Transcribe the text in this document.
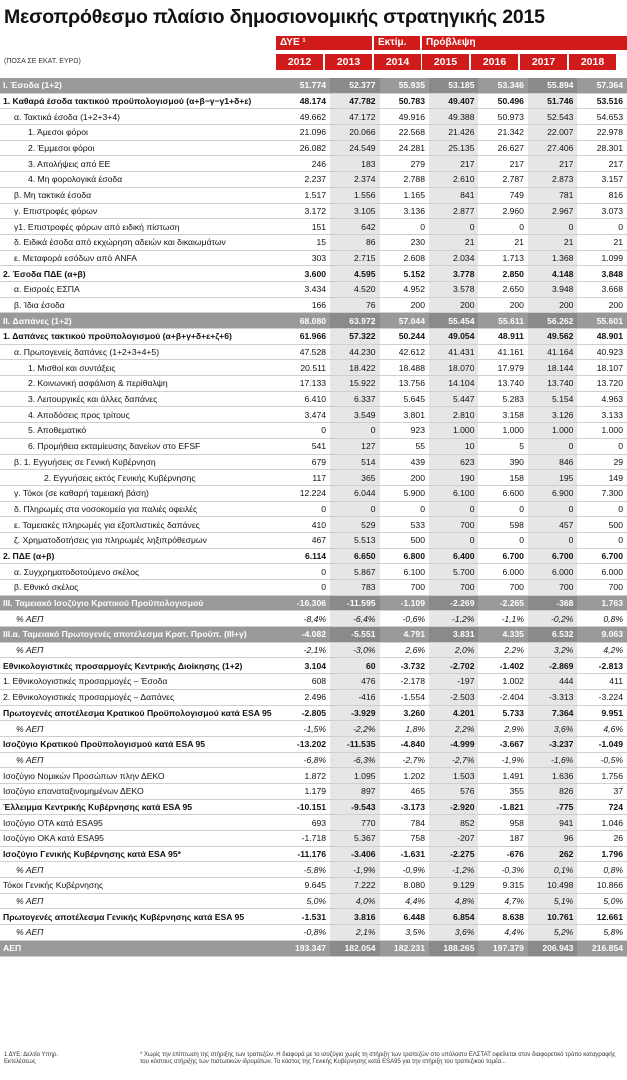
Μεσοπρόθεσμο πλαίσιο δημοσιονομικής στρατηγικής 2015
ΔΥΕ ¹	Εκτίμ.	Πρόβλεψη
(ΠΟΣΑ ΣΕ ΕΚΑΤ. ΕΥΡΩ)	2012	2013	2014	2015	2016	2017	2018
I. Έσοδα (1+2)	51.774	52.377	55.935	53.185	53.346	55.894	57.364
1. Καθαρά έσοδα τακτικού προϋπολογισμού (α+β−γ−γ1+δ+ε)	48.174	47.782	50.783	49.407	50.496	51.746	53.516
α. Τακτικά έσοδα (1+2+3+4)	49.662	47.172	49.916	49.388	50.973	52.543	54.653
1. Άμεσοι φόροι	21.096	20.066	22.568	21.426	21.342	22.007	22.978
2. Έμμεσοι φόροι	26.082	24.549	24.281	25.135	26.627	27.406	28.301
3. Απολήψεις από ΕΕ	246	183	279	217	217	217	217
4. Μη φορολογικά έσοδα	2.237	2.374	2.788	2.610	2.787	2.873	3.157
β. Μη τακτικά έσοδα	1.517	1.556	1.165	841	749	781	816
γ. Επιστροφές φόρων	3.172	3.105	3.136	2.877	2.960	2.967	3.073
γ1. Επιστροφές φόρων από ειδική πίστωση	151	642	0	0	0	0	0
δ. Ειδικά έσοδα από εκχώρηση αδειών και δικαιωμάτων	15	86	230	21	21	21	21
ε. Μεταφορά εσόδων από ANFA	303	2.715	2.608	2.034	1.713	1.368	1.099
2. Έσοδα ΠΔΕ (α+β)	3.600	4.595	5.152	3.778	2.850	4.148	3.848
α. Εισροές ΕΣΠΑ	3.434	4.520	4.952	3.578	2.650	3.948	3.668
β. Ίδια έσοδα	166	76	200	200	200	200	200
II. Δαπάνες (1+2)	68.080	63.972	57.044	55.454	55.611	56.262	55.601
1. Δαπάνες τακτικού προϋπολογισμού (α+β+γ+δ+ε+ζ+6)	61.966	57.322	50.244	49.054	48.911	49.562	48.901
α. Πρωτογενείς δαπάνες (1+2+3+4+5)	47.528	44.230	42.612	41.431	41.161	41.164	40.923
1. Μισθοί και συντάξεις	20.511	18.422	18.488	18.070	17.979	18.144	18.107
2. Κοινωνική ασφάλιση & περίθαλψη	17.133	15.922	13.756	14.104	13.740	13.740	13.720
3. Λειτουργικές και άλλες δαπάνες	6.410	6.337	5.645	5.447	5.283	5.154	4.963
4. Αποδόσεις προς τρίτους	3.474	3.549	3.801	2.810	3.158	3.126	3.133
5. Αποθεματικό	0	0	923	1.000	1.000	1.000	1.000
6. Προμήθεια εκταμίευσης δανείων στο EFSF	541	127	55	10	5	0	0
β. 1. Εγγυήσεις σε Γενική Κυβέρνηση	679	514	439	623	390	846	29
2. Εγγυήσεις εκτός Γενικής Κυβέρνησης	117	365	200	190	158	195	149
γ. Τόκοι (σε καθαρή ταμειακή βάση)	12.224	6.044	5.900	6.100	6.600	6.900	7.300
δ. Πληρωμές στα νοσοκομεία για παλιές οφειλές	0	0	0	0	0	0	0
ε. Ταμειακές πληρωμές για εξοπλιστικές δαπάνες	410	529	533	700	598	457	500
ζ. Χρηματοδοτήσεις για πληρωμές ληξιπρόθεσμων	467	5.513	500	0	0	0	0
2. ΠΔΕ (α+β)	6.114	6.650	6.800	6.400	6.700	6.700	6.700
α. Συγχρηματοδοτούμενο σκέλος	0	5.867	6.100	5.700	6.000	6.000	6.000
β. Εθνικό σκέλος	0	783	700	700	700	700	700
III. Ταμειακό Ισοζύγιο Κρατικού Προϋπολογισμού	-16.306	-11.595	-1.109	-2.269	-2.265	-368	1.763
% ΑΕΠ	-8,4%	-6,4%	-0,6%	-1,2%	-1,1%	-0,2%	0,8%
III.α. Ταμειακό Πρωτογενές αποτέλεσμα Κρατ. Προϋπ. (III+γ)	-4.082	-5.551	4.791	3.831	4.335	6.532	9.063
% ΑΕΠ	-2,1%	-3,0%	2,6%	2,0%	2,2%	3,2%	4,2%
Εθνικολογιστικές προσαρμογές Κεντρικής Διοίκησης (1+2)	3.104	60	-3.732	-2.702	-1.402	-2.869	-2.813
1. Εθνικολογιστικές προσαρμογές – Έσοδα	608	476	-2.178	-197	1.002	444	411
2. Εθνικολογιστικές προσαρμογές – Δαπάνες	2.496	-416	-1.554	-2.503	-2.404	-3.313	-3.224
Πρωτογενές αποτέλεσμα Κρατικού Προϋπολογισμού κατά ESA 95	-2.805	-3.929	3.260	4.201	5.733	7.364	9.951
% ΑΕΠ	-1,5%	-2,2%	1,8%	2,2%	2,9%	3,6%	4,6%
Ισοζύγιο Κρατικού Προϋπολογισμού κατά ESA 95	-13.202	-11.535	-4.840	-4.999	-3.667	-3.237	-1.049
% ΑΕΠ	-6,8%	-6,3%	-2,7%	-2,7%	-1,9%	-1,6%	-0,5%
Ισοζύγιο Νομικών Προσώπων πλην ΔΕΚΟ	1.872	1.095	1.202	1.503	1.491	1.636	1.756
Ισοζύγιο επαναταξινομημένων ΔΕΚΟ	1.179	897	465	576	355	826	37
Έλλειμμα Κεντρικής Κυβέρνησης κατά ESA 95	-10.151	-9.543	-3.173	-2.920	-1.821	-775	724
Ισοζύγιο ΟΤΑ κατά ESA95	693	770	784	852	958	941	1.046
Ισοζύγιο ΟΚΑ κατά ESA95	-1.718	5.367	758	-207	187	96	26
Ισοζύγιο Γενικής Κυβέρνησης κατά ESA 95*	-11.176	-3.406	-1.631	-2.275	-676	262	1.796
% ΑΕΠ	-5,8%	-1,9%	-0,9%	-1,2%	-0,3%	0,1%	0,8%
Τόκοι Γενικής Κυβέρνησης	9.645	7.222	8.080	9.129	9.315	10.498	10.866
% ΑΕΠ	5,0%	4,0%	4,4%	4,8%	4,7%	5,1%	5,0%
Πρωτογενές αποτέλεσμα Γενικής Κυβέρνησης κατά ESA 95	-1.531	3.816	6.448	6.854	8.638	10.761	12.661
% ΑΕΠ	-0,8%	2,1%	3,5%	3,6%	4,4%	5,2%	5,8%
ΑΕΠ	193.347	182.054	182.231	188.265	197.379	206.943	216.854
1 ΔΥΕ: Δελτίο Υπηρ. Εκτελέσεως
* Χωρίς την επίπτωση της στήριξης των τραπεζών. Η διαφορά με το ισοζύγιο χωρίς τη στήριξη των τραπεζών στο υπόλοιπο ΕΛΣΤΑΤ οφείλεται στον διαφορετικό τρόπο καταγραφής του κόστους στήριξης των πιστωτικών ιδρυμάτων. Το κόστος της Γενικής Κυβέρνησης κατά ESA95 για την στήριξη του τραπεζικού τομέα...
